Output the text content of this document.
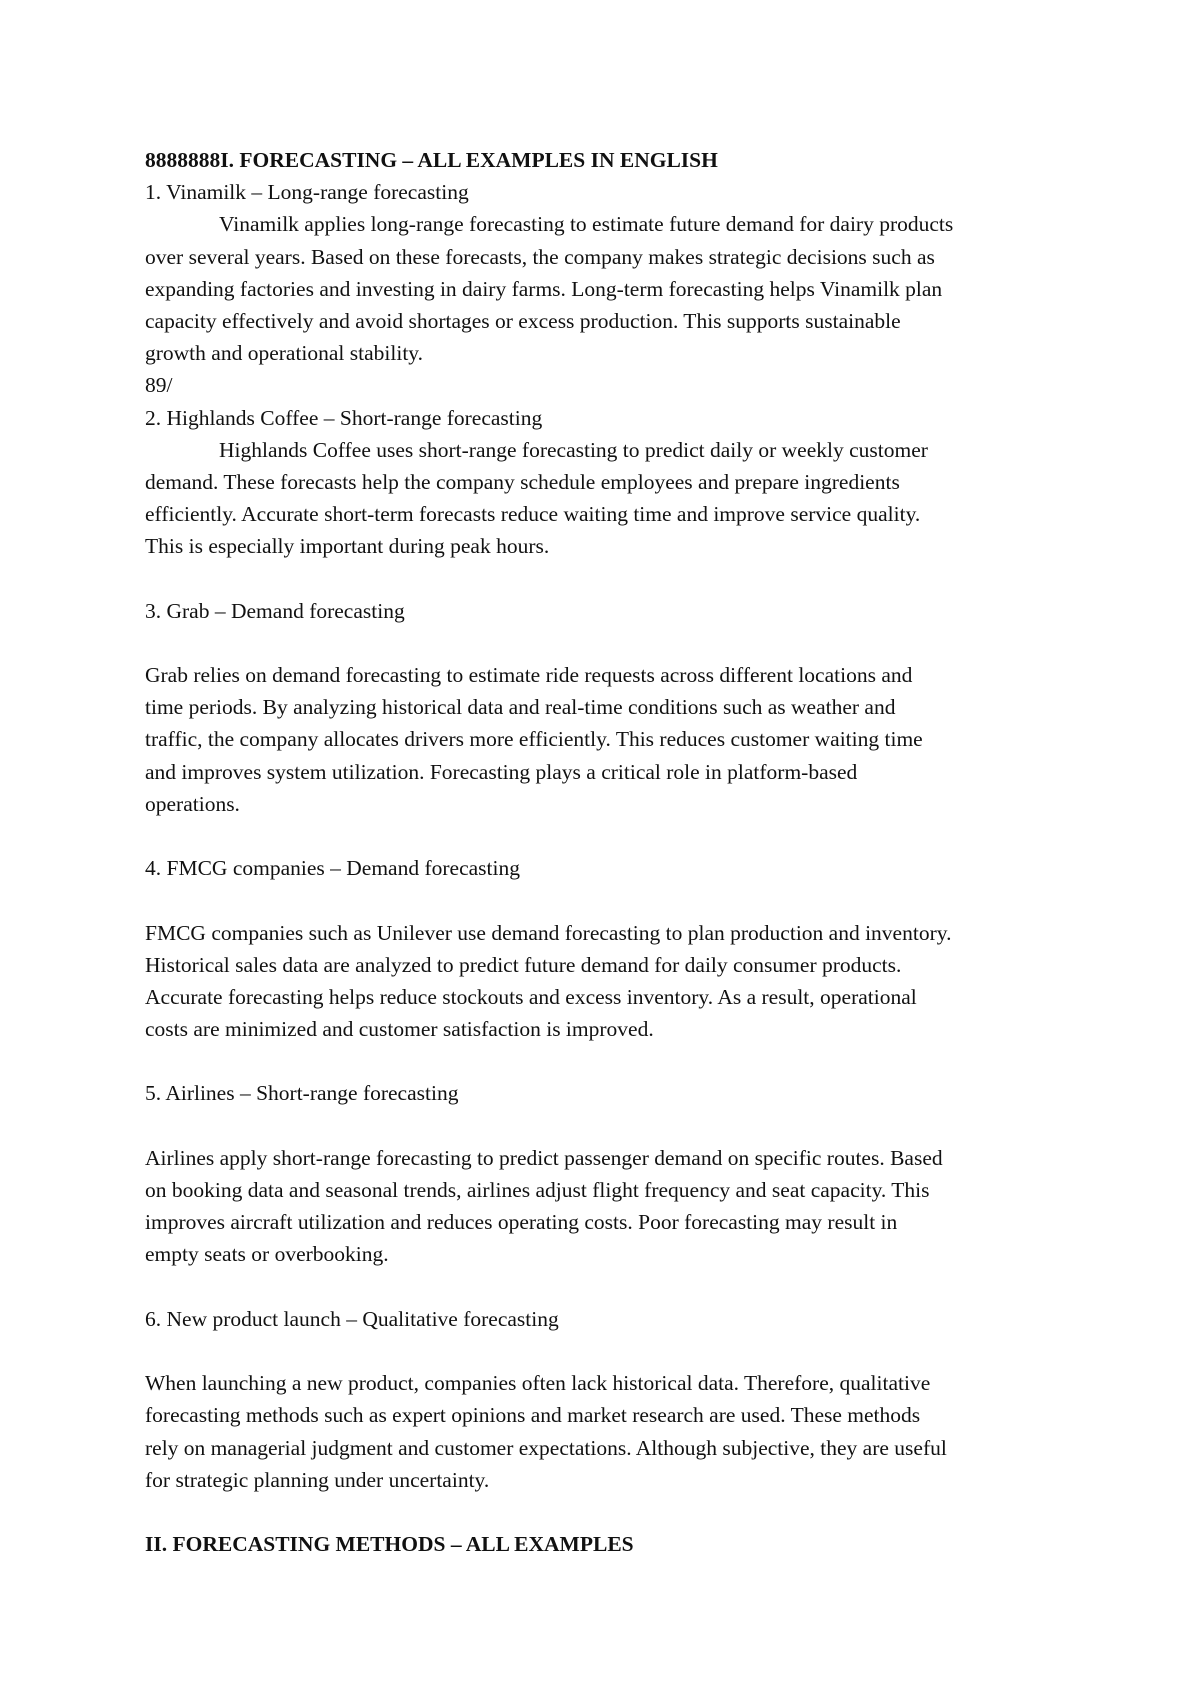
8888888I. FORECASTING – ALL EXAMPLES IN ENGLISH
1. Vinamilk – Long-range forecasting
Vinamilk applies long-range forecasting to estimate future demand for dairy products
over several years. Based on these forecasts, the company makes strategic decisions such as
expanding factories and investing in dairy farms. Long-term forecasting helps Vinamilk plan
capacity effectively and avoid shortages or excess production. This supports sustainable
growth and operational stability.
89/
2. Highlands Coffee – Short-range forecasting
Highlands Coffee uses short-range forecasting to predict daily or weekly customer
demand. These forecasts help the company schedule employees and prepare ingredients
efficiently. Accurate short-term forecasts reduce waiting time and improve service quality.
This is especially important during peak hours.
3. Grab – Demand forecasting
Grab relies on demand forecasting to estimate ride requests across different locations and
time periods. By analyzing historical data and real-time conditions such as weather and
traffic, the company allocates drivers more efficiently. This reduces customer waiting time
and improves system utilization. Forecasting plays a critical role in platform-based
operations.
4. FMCG companies – Demand forecasting
FMCG companies such as Unilever use demand forecasting to plan production and inventory.
Historical sales data are analyzed to predict future demand for daily consumer products.
Accurate forecasting helps reduce stockouts and excess inventory. As a result, operational
costs are minimized and customer satisfaction is improved.
5. Airlines – Short-range forecasting
Airlines apply short-range forecasting to predict passenger demand on specific routes. Based
on booking data and seasonal trends, airlines adjust flight frequency and seat capacity. This
improves aircraft utilization and reduces operating costs. Poor forecasting may result in
empty seats or overbooking.
6. New product launch – Qualitative forecasting
When launching a new product, companies often lack historical data. Therefore, qualitative
forecasting methods such as expert opinions and market research are used. These methods
rely on managerial judgment and customer expectations. Although subjective, they are useful
for strategic planning under uncertainty.
II. FORECASTING METHODS – ALL EXAMPLES
